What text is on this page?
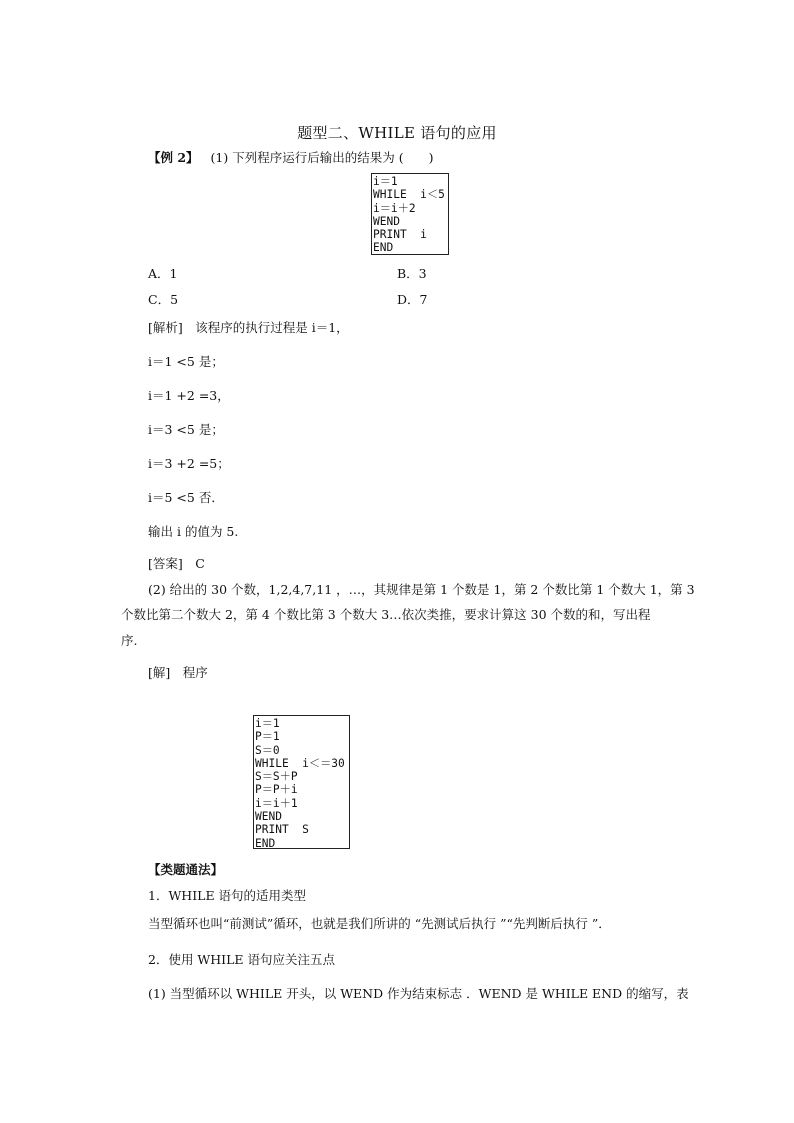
题型二、WHILE 语句的应用
【例 2】 (1) 下列程序运行后输出的结果为 (　　)
i＝1
WHILE  i＜5
i＝i＋2
WEND
PRINT  i
END
A．1	B．3
C．5	D．7
[解析]　该程序的执行过程是 i＝1，
i＝1 <5 是；
i＝1 +2 =3，
i＝3 <5 是；
i＝3 +2 =5；
i＝5 <5 否．
输出 i 的值为 5.
[答案]　C
(2) 给出的 30 个数，1,2,4,7,11 ，…，其规律是第 1 个数是 1，第 2 个数比第 1 个数大 1，第 3
个数比第二个数大 2，第 4 个数比第 3 个数大 3…依次类推，要求计算这 30 个数的和，写出程
序.
[解]　程序
i＝1
P＝1
S＝0
WHILE  i＜＝30
S＝S＋P
P＝P＋i
i＝i＋1
WEND
PRINT  S
END
【类题通法】
1．WHILE 语句的适用类型
当型循环也叫“前测试”循环，也就是我们所讲的 “先测试后执行 ”“先判断后执行 ”．
2．使用 WHILE 语句应关注五点
(1) 当型循环以 WHILE 开头，以 WEND 作为结束标志 ．WEND 是 WHILE END 的缩写，表
